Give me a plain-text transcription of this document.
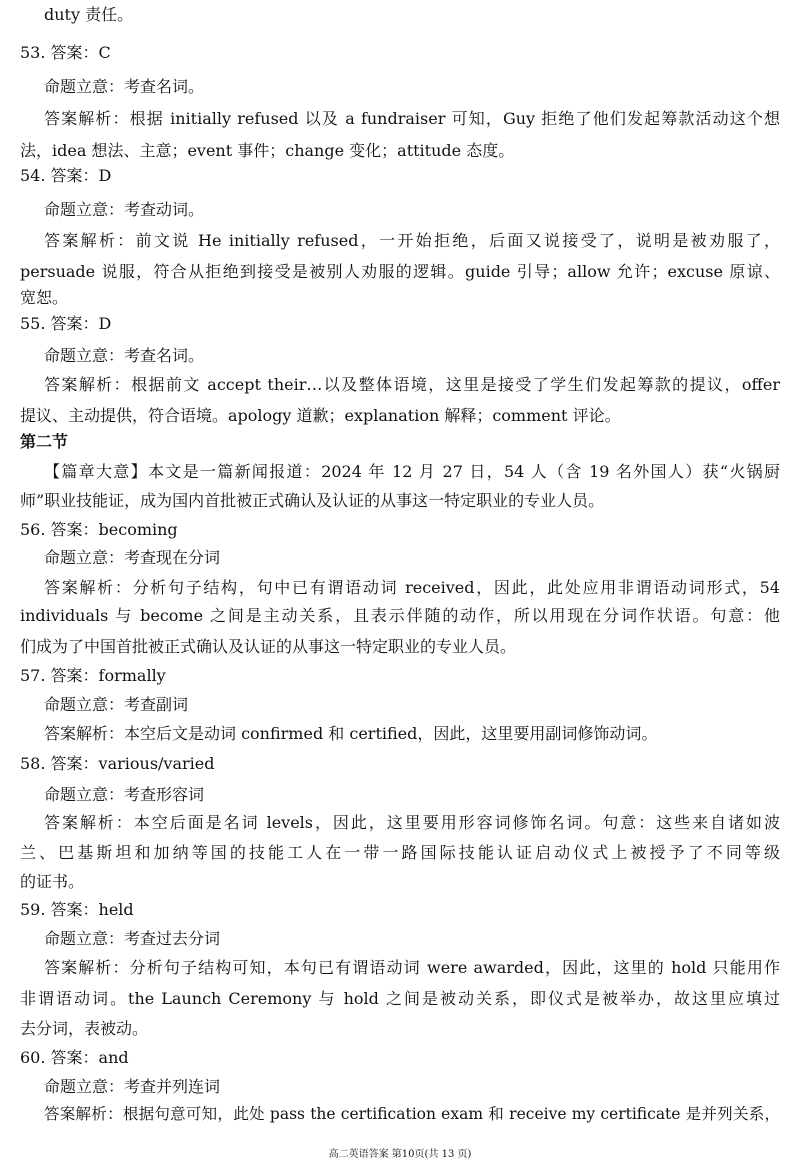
duty 责任。
53. 答案：C
命题立意：考查名词。
答案解析：根据 initially refused 以及 a fundraiser 可知，Guy 拒绝了他们发起筹款活动这个想
法，idea 想法、主意；event 事件；change 变化；attitude 态度。
54. 答案：D
命题立意：考查动词。
答案解析：前文说 He initially refused，一开始拒绝，后面又说接受了，说明是被劝服了，
persuade 说服，符合从拒绝到接受是被别人劝服的逻辑。guide 引导；allow 允许；excuse 原谅、
宽恕。
55. 答案：D
命题立意：考查名词。
答案解析：根据前文 accept their…以及整体语境，这里是接受了学生们发起筹款的提议，offer
提议、主动提供，符合语境。apology 道歉；explanation 解释；comment 评论。
第二节
【篇章大意】本文是一篇新闻报道：2024 年 12 月 27 日，54 人（含 19 名外国人）获“火锅厨
师”职业技能证，成为国内首批被正式确认及认证的从事这一特定职业的专业人员。
56. 答案：becoming
命题立意：考查现在分词
答案解析：分析句子结构，句中已有谓语动词 received，因此，此处应用非谓语动词形式，54
individuals 与 become 之间是主动关系，且表示伴随的动作，所以用现在分词作状语。句意：他
们成为了中国首批被正式确认及认证的从事这一特定职业的专业人员。
57. 答案：formally
命题立意：考查副词
答案解析：本空后文是动词 confirmed 和 certified，因此，这里要用副词修饰动词。
58. 答案：various/varied
命题立意：考查形容词
答案解析：本空后面是名词 levels，因此，这里要用形容词修饰名词。句意：这些来自诸如波
兰、巴基斯坦和加纳等国的技能工人在一带一路国际技能认证启动仪式上被授予了不同等级
的证书。
59. 答案：held
命题立意：考查过去分词
答案解析：分析句子结构可知，本句已有谓语动词 were awarded，因此，这里的 hold 只能用作
非谓语动词。the Launch Ceremony 与 hold 之间是被动关系，即仪式是被举办，故这里应填过
去分词，表被动。
60. 答案：and
命题立意：考查并列连词
答案解析：根据句意可知，此处 pass the certification exam 和 receive my certificate 是并列关系，
高二英语答案 第10页(共 13 页)
